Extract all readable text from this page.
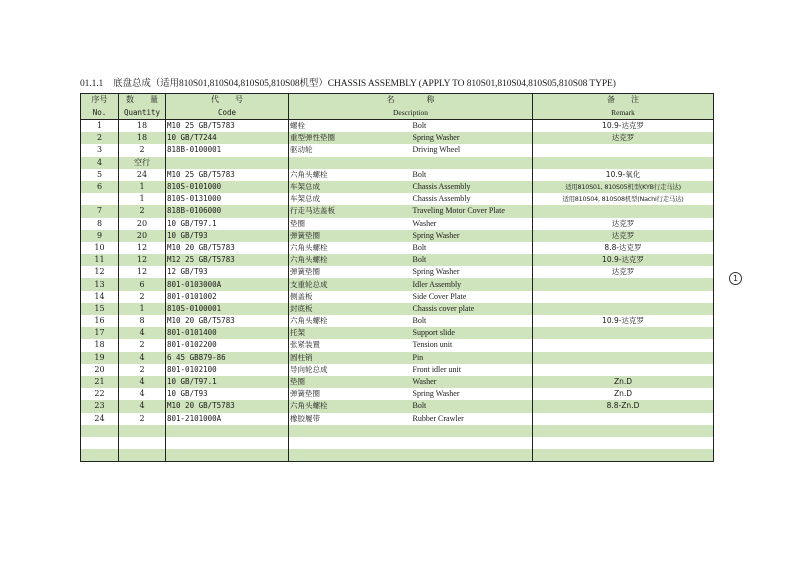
01.1.1 底盘总成（适用810S01,810S04,810S05,810S08机型）CHASSIS ASSEMBLY (APPLY TO 810S01,810S04,810S05,810S08 TYPE)
序号	数　　量	代　　号	名　　　　称		备　　注
No.	Quantity	Code	Description		Remark
1	18	M10 25 GB/T5783	螺栓	Bolt	10.9-达克罗
2	18	10 GB/T7244	重型弹性垫圈	Spring Washer	达克罗
3	2	818B-0100001	驱动轮	Driving Wheel	
4	空行				
5	24	M10 25 GB/T5783	六角头螺栓	Bolt	10.9-氧化
6	1	810S-0101000	车架总成	Chassis Assembly	适用810S01, 810S05机型(KYB行走马达)
	1	810S-0131000	车架总成	Chassis Assembly	适用810S04, 810S08机型(Nachi行走马达)
7	2	818B-0106000	行走马达盖板	Traveling Motor Cover Plate	
8	20	10 GB/T97.1	垫圈	Washer	达克罗
9	20	10 GB/T93	弹簧垫圈	Spring Washer	达克罗
10	12	M10 20 GB/T5783	六角头螺栓	Bolt	8.8-达克罗
11	12	M12 25 GB/T5783	六角头螺栓	Bolt	10.9-达克罗
12	12	12 GB/T93	弹簧垫圈	Spring Washer	达克罗
13	6	801-0103000A	支重轮总成	Idler Assembly	
14	2	801-0101002	侧盖板	Side Cover Plate	
15	1	810S-0100001	封底板	Chassis cover plate	
16	8	M10 20 GB/T5783	六角头螺栓	Bolt	10.9-达克罗
17	4	801-0101400	托架	Support slide	
18	2	801-0102200	张紧装置	Tension unit	
19	4	6 45 GB879-86	圆柱销	Pin	
20	2	801-0102100	导向轮总成	Front idler unit	
21	4	10 GB/T97.1	垫圈	Washer	Zn.D
22	4	10 GB/T93	弹簧垫圈	Spring Washer	Zn.D
23	4	M10 20 GB/T5783	六角头螺栓	Bolt	8.8-Zn.D
24	2	801-2101000A	橡胶履带	Rubber Crawler	

1
